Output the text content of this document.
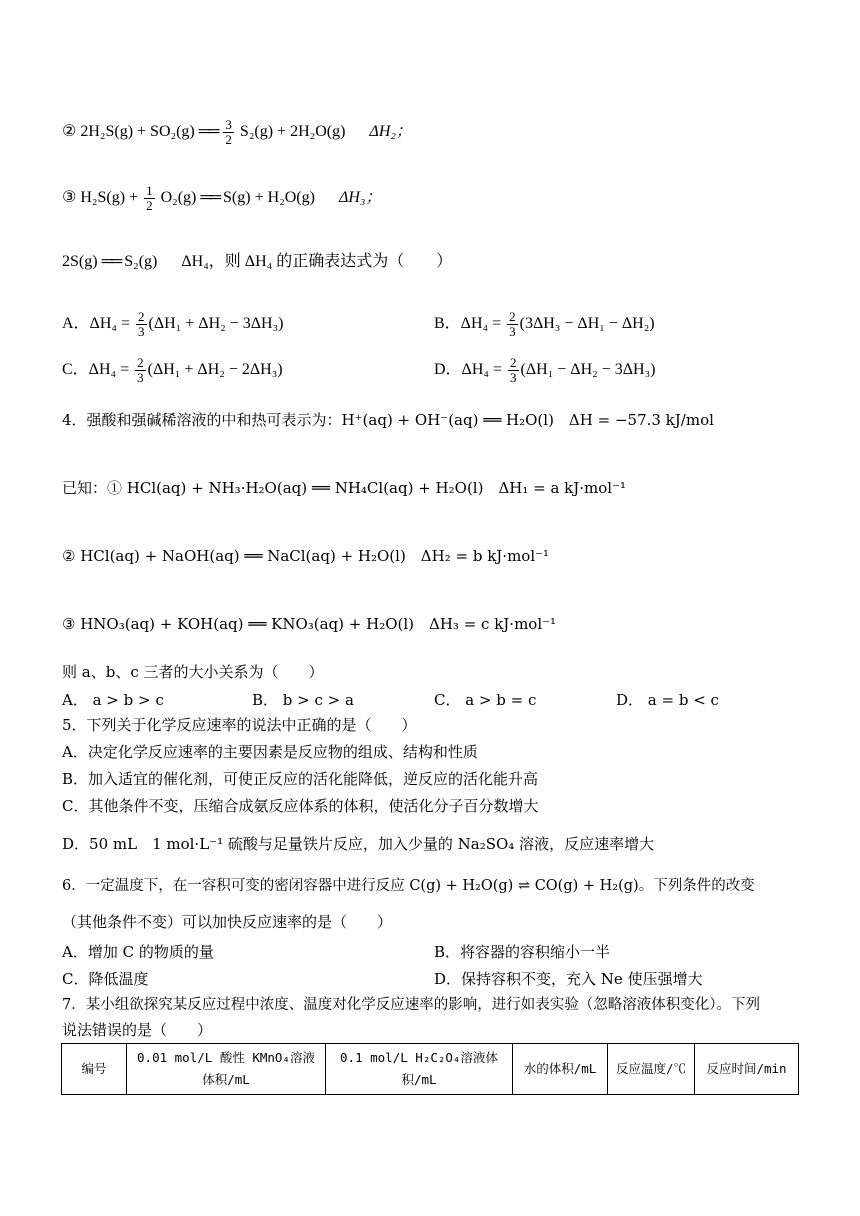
② 2H₂S(g) + SO₂(g) ══ $\frac{3}{2} S_2(g) + 2H_2O(g)$ ΔH₂；
③ $H_2S(g) + \frac{1}{2} O_2(g)$ ══ S(g) + H₂O(g) ΔH₃；
2S(g) ══ S₂(g) ΔH₄，则 ΔH₄ 的正确表达式为（　　）
A．$\Delta H_4 = \frac{2}{3} (\Delta H_1 + \Delta H_2 - 3\Delta H_3)$	B．$\Delta H_4 = \frac{2}{3} (3\Delta H_3 - \Delta H_1 - \Delta H_2)$
C．$\Delta H_4 = \frac{2}{3} (\Delta H_1 + \Delta H_2 - 2\Delta H_3)$	D．$\Delta H_4 = \frac{2}{3} (\Delta H_1 - \Delta H_2 - 3\Delta H_3)$
4．强酸和强碱稀溶液的中和热可表示为：H⁺(aq) + OH⁻(aq) ══ H₂O(l)　ΔH = −57.3 kJ/mol
已知：① HCl(aq) + NH₃·H₂O(aq) ══ NH₄Cl(aq) + H₂O(l)　ΔH₁ = a kJ·mol⁻¹
② HCl(aq) + NaOH(aq) ══ NaCl(aq) + H₂O(l)　ΔH₂ = b kJ·mol⁻¹
③ HNO₃(aq) + KOH(aq) ══ KNO₃(aq) + H₂O(l)　ΔH₃ = c kJ·mol⁻¹
则 a、b、c 三者的大小关系为（　　）
A． a > b > c	B． b > c > a	C． a > b = c	D． a = b < c
5．下列关于化学反应速率的说法中正确的是（　　）
A．决定化学反应速率的主要因素是反应物的组成、结构和性质
B．加入适宜的催化剂，可使正反应的活化能降低，逆反应的活化能升高
C．其他条件不变，压缩合成氨反应体系的体积，使活化分子百分数增大
D．50 mL　1 mol·L⁻¹ 硫酸与足量铁片反应，加入少量的 Na₂SO₄ 溶液，反应速率增大
6．一定温度下，在一容积可变的密闭容器中进行反应 C(g) + H₂O(g) ⇌ CO(g) + H₂(g)。下列条件的改变
（其他条件不变）可以加快反应速率的是（　　）
A．增加 C 的物质的量	B．将容器的容积缩小一半
C．降低温度	D．保持容积不变，充入 Ne 使压强增大
7．某小组欲探究某反应过程中浓度、温度对化学反应速率的影响，进行如表实验（忽略溶液体积变化）。下列
说法错误的是（　　）
编号	0.01 mol/L 酸性 KMnO₄溶液体积/mL	0.1 mol/L H₂C₂O₄溶液体积/mL	水的体积/mL	反应温度/℃	反应时间/min
